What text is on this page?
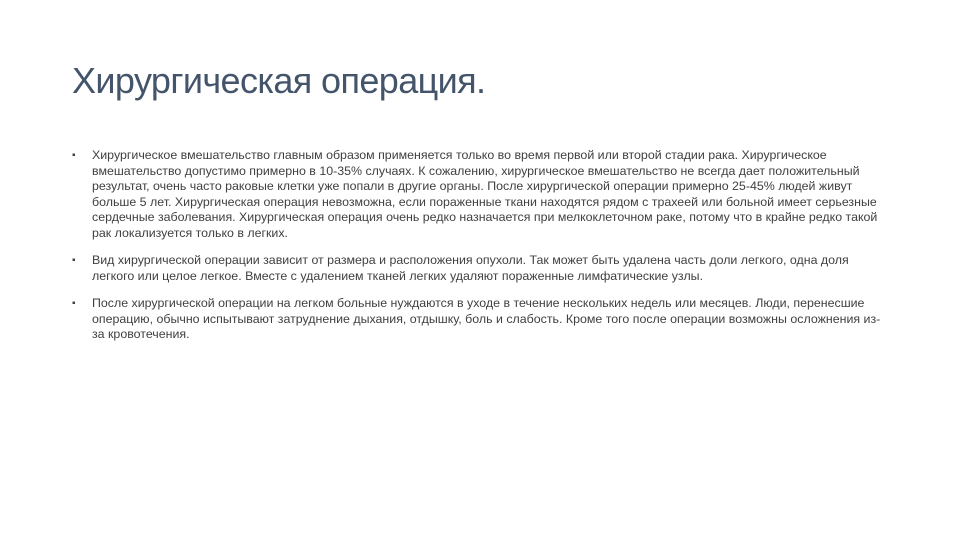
Хирургическая операция.
▪ Хирургическое вмешательство главным образом применяется только во время первой или второй стадии рака. Хирургическое вмешательство допустимо примерно в 10-35% случаях. К сожалению, хирургическое вмешательство не всегда дает положительный результат, очень часто раковые клетки уже попали в другие органы. После хирургической операции примерно 25-45% людей живут больше 5 лет. Хирургическая операция невозможна, если пораженные ткани находятся рядом с трахеей или больной имеет серьезные сердечные заболевания. Хирургическая операция очень редко назначается при мелкоклеточном раке, потому что в крайне редко такой рак локализуется только в легких.
▪ Вид хирургической операции зависит от размера и расположения опухоли. Так может быть удалена часть доли легкого, одна доля легкого или целое легкое. Вместе с удалением тканей легких удаляют пораженные лимфатические узлы.
▪ После хирургической операции на легком больные нуждаются в уходе в течение нескольких недель или месяцев. Люди, перенесшие операцию, обычно испытывают затруднение дыхания, отдышку, боль и слабость. Кроме того после операции возможны осложнения из-за кровотечения.
